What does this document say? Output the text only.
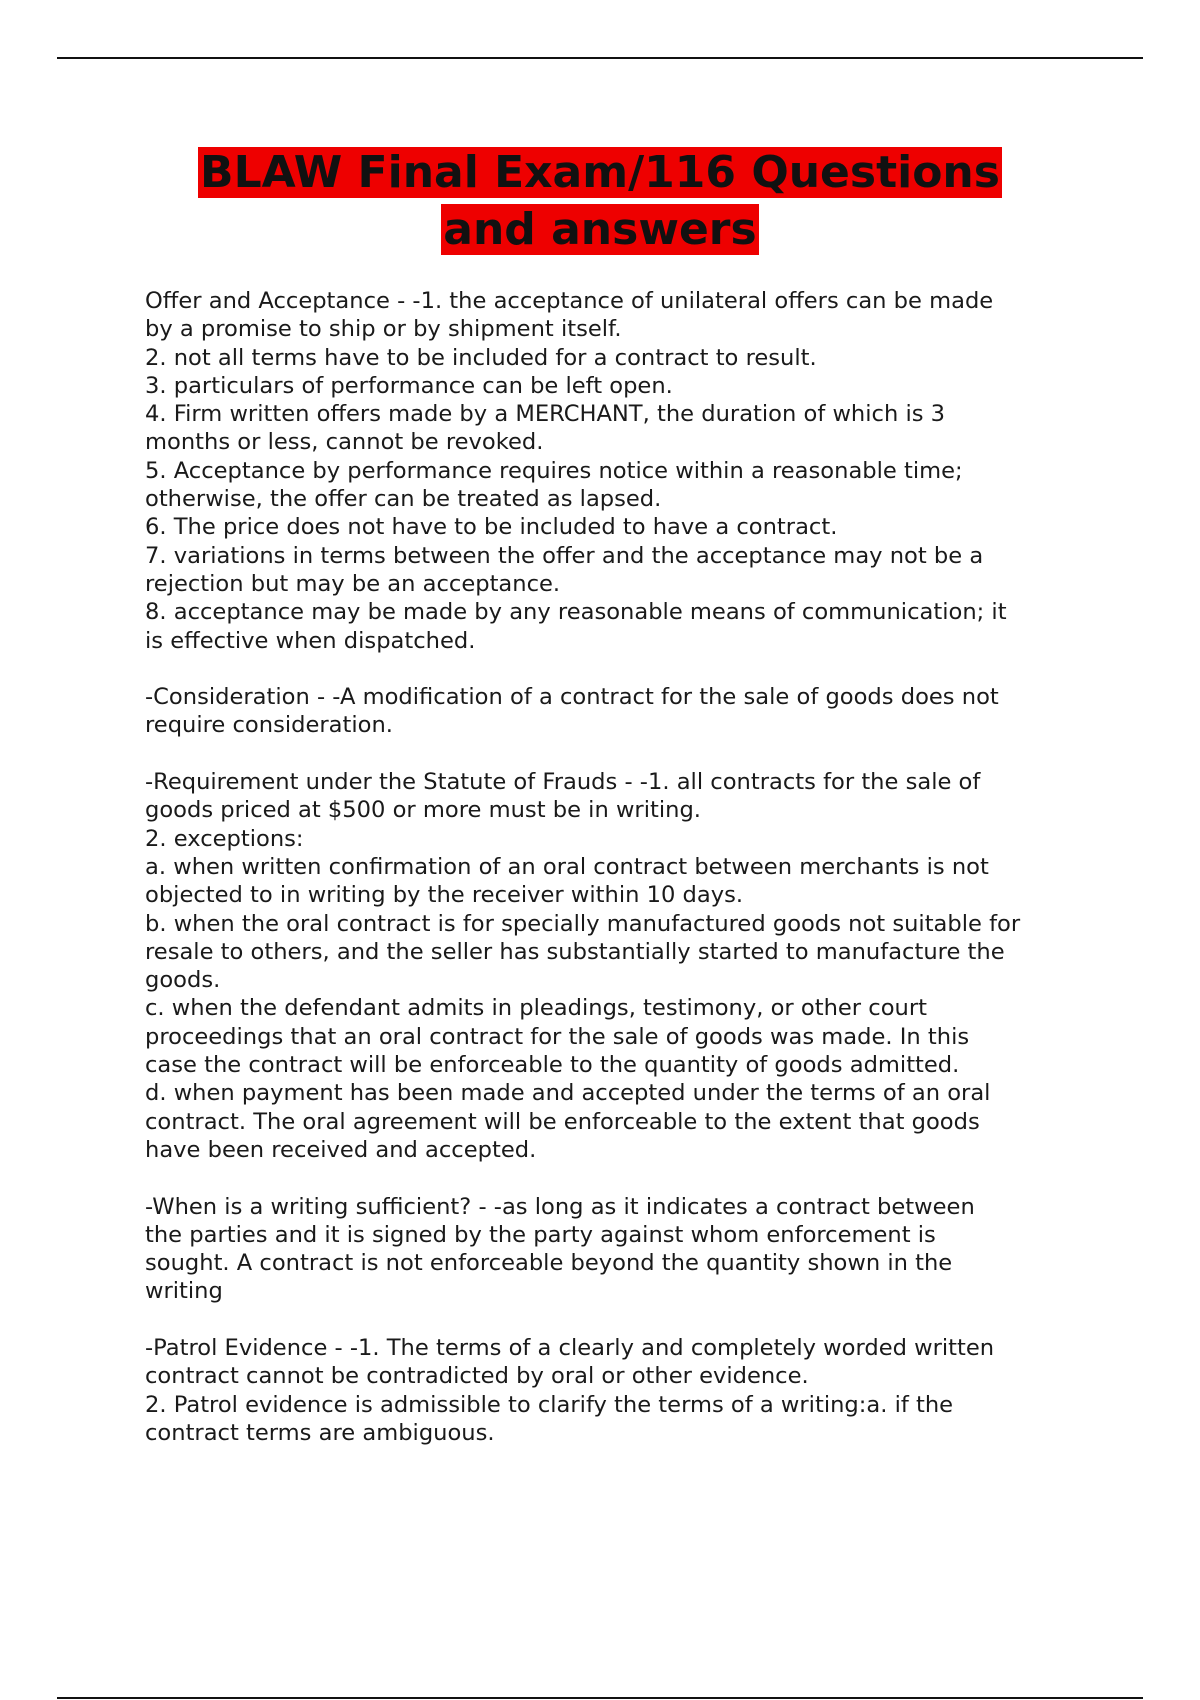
BLAW Final Exam/116 Questions
and answers
Offer and Acceptance - -1. the acceptance of unilateral offers can be made
by a promise to ship or by shipment itself.
2. not all terms have to be included for a contract to result.
3. particulars of performance can be left open.
4. Firm written offers made by a MERCHANT, the duration of which is 3
months or less, cannot be revoked.
5. Acceptance by performance requires notice within a reasonable time;
otherwise, the offer can be treated as lapsed.
6. The price does not have to be included to have a contract.
7. variations in terms between the offer and the acceptance may not be a
rejection but may be an acceptance.
8. acceptance may be made by any reasonable means of communication; it
is effective when dispatched.
-Consideration - -A modification of a contract for the sale of goods does not
require consideration.
-Requirement under the Statute of Frauds - -1. all contracts for the sale of
goods priced at $500 or more must be in writing.
2. exceptions:
a. when written confirmation of an oral contract between merchants is not
objected to in writing by the receiver within 10 days.
b. when the oral contract is for specially manufactured goods not suitable for
resale to others, and the seller has substantially started to manufacture the
goods.
c. when the defendant admits in pleadings, testimony, or other court
proceedings that an oral contract for the sale of goods was made. In this
case the contract will be enforceable to the quantity of goods admitted.
d. when payment has been made and accepted under the terms of an oral
contract. The oral agreement will be enforceable to the extent that goods
have been received and accepted.
-When is a writing sufficient? - -as long as it indicates a contract between
the parties and it is signed by the party against whom enforcement is
sought. A contract is not enforceable beyond the quantity shown in the
writing
-Patrol Evidence - -1. The terms of a clearly and completely worded written
contract cannot be contradicted by oral or other evidence.
2. Patrol evidence is admissible to clarify the terms of a writing:a. if the
contract terms are ambiguous.
